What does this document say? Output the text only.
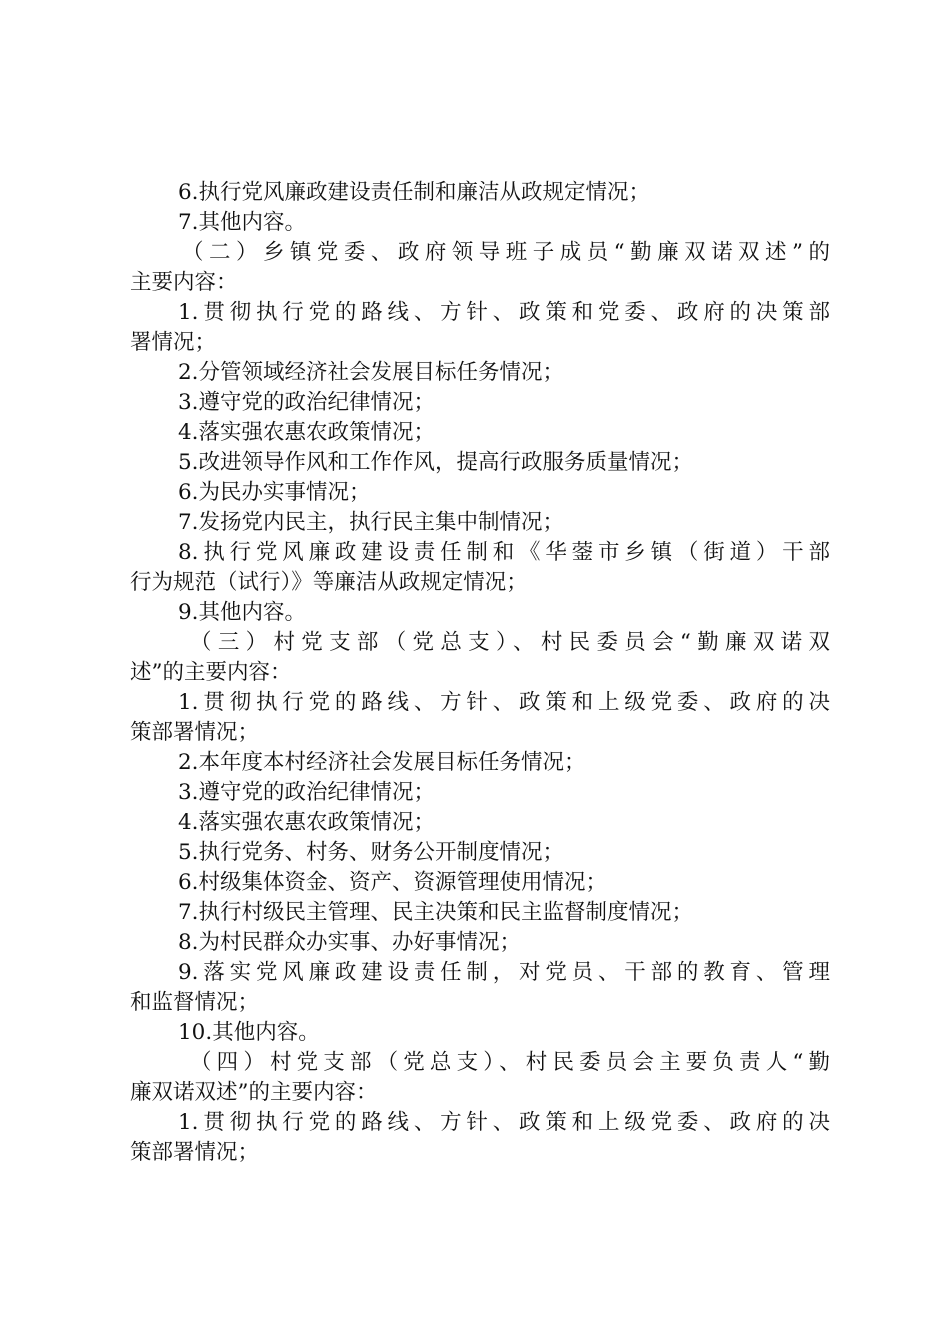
6.执行党风廉政建设责任制和廉洁从政规定情况；
7.其他内容。
（二）乡镇党委、政府领导班子成员“勤廉双诺双述”的
主要内容：
1.贯彻执行党的路线、方针、政策和党委、政府的决策部
署情况；
2.分管领域经济社会发展目标任务情况；
3.遵守党的政治纪律情况；
4.落实强农惠农政策情况；
5.改进领导作风和工作作风，提高行政服务质量情况；
6.为民办实事情况；
7.发扬党内民主，执行民主集中制情况；
8.执行党风廉政建设责任制和《华蓥市乡镇（街道）干部
行为规范（试行）》等廉洁从政规定情况；
9.其他内容。
（三）村党支部（党总支）、村民委员会“勤廉双诺双
述”的主要内容：
1.贯彻执行党的路线、方针、政策和上级党委、政府的决
策部署情况；
2.本年度本村经济社会发展目标任务情况；
3.遵守党的政治纪律情况；
4.落实强农惠农政策情况；
5.执行党务、村务、财务公开制度情况；
6.村级集体资金、资产、资源管理使用情况；
7.执行村级民主管理、民主决策和民主监督制度情况；
8.为村民群众办实事、办好事情况；
9.落实党风廉政建设责任制，对党员、干部的教育、管理
和监督情况；
10.其他内容。
（四）村党支部（党总支）、村民委员会主要负责人“勤
廉双诺双述”的主要内容：
1.贯彻执行党的路线、方针、政策和上级党委、政府的决
策部署情况；
